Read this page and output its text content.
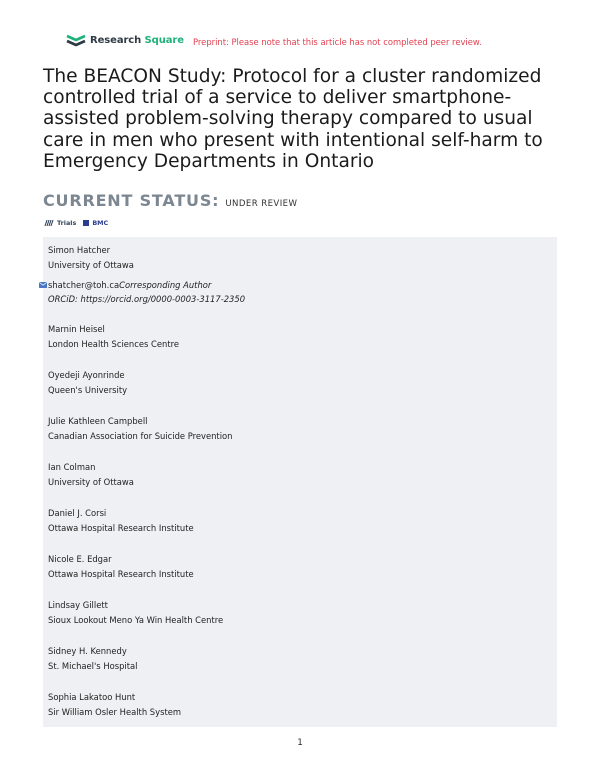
Research Square Preprint: Please note that this article has not completed peer review.
The BEACON Study: Protocol for a cluster randomized controlled trial of a service to deliver smartphone-assisted problem-solving therapy compared to usual care in men who present with intentional self-harm to Emergency Departments in Ontario
CURRENT STATUS: UNDER REVIEW
Trials	BMC
Simon Hatcher
University of Ottawa
shatcher@toh.caCorresponding Author
ORCiD: https://orcid.org/0000-0003-3117-2350
Marnin Heisel
London Health Sciences Centre
Oyedeji Ayonrinde
Queen's University
Julie Kathleen Campbell
Canadian Association for Suicide Prevention
Ian Colman
University of Ottawa
Daniel J. Corsi
Ottawa Hospital Research Institute
Nicole E. Edgar
Ottawa Hospital Research Institute
Lindsay Gillett
Sioux Lookout Meno Ya Win Health Centre
Sidney H. Kennedy
St. Michael's Hospital
Sophia Lakatoo Hunt
Sir William Osler Health System
1
